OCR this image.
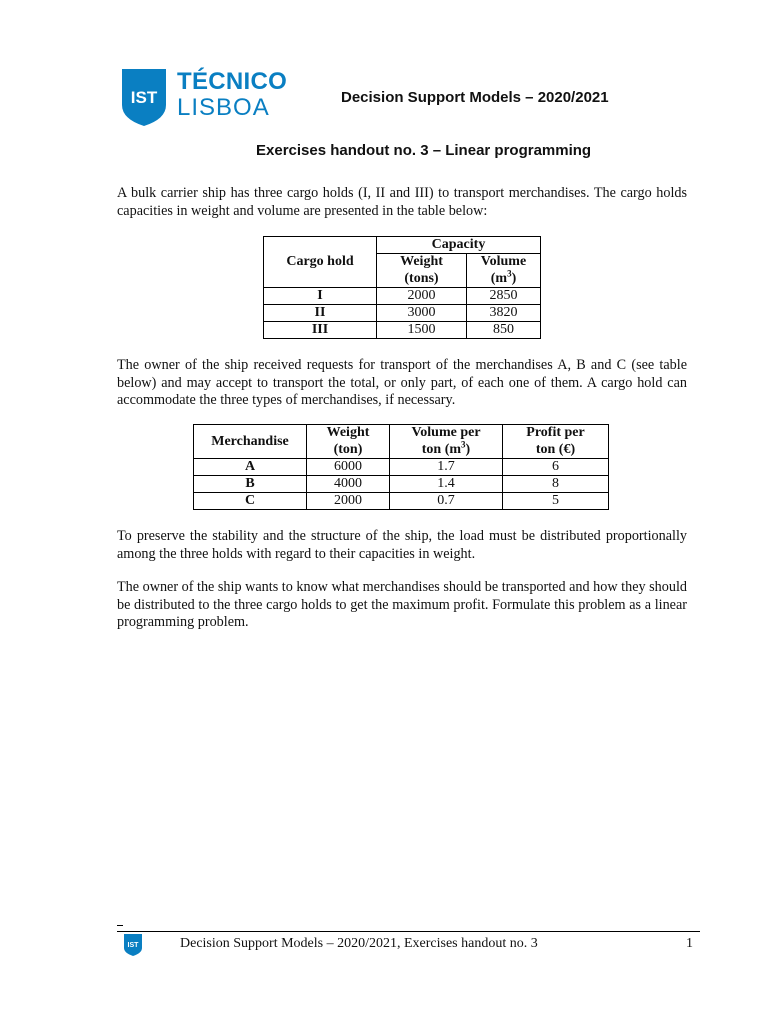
IST
TÉCNICO
LISBOA	Decision Support Models – 2020/2021
Exercises handout no. 3 – Linear programming
A bulk carrier ship has three cargo holds (I, II and III) to transport merchandises. The cargo holds capacities in weight and volume are presented in the table below:
Cargo hold	Capacity	
	Weight	Volume
	(tons)	$(m^3)$
I	2000	2850
II	3000	3820
III	1500	850
The owner of the ship received requests for transport of the merchandises A, B and C (see table below) and may accept to transport the total, or only part, of each one of them. A cargo hold can accommodate the three types of merchandises, if necessary.
Merchandise	Weight	Volume per	Profit per
	(ton)	ton $(m^3)$	ton (€)
A	6000	1.7	6
B	4000	1.4	8
C	2000	0.7	5
To preserve the stability and the structure of the ship, the load must be distributed proportionally among the three holds with regard to their capacities in weight.
The owner of the ship wants to know what merchandises should be transported and how they should be distributed to the three cargo holds to get the maximum profit. Formulate this problem as a linear programming problem.
IST	Decision Support Models – 2020/2021, Exercises handout no. 3	1
